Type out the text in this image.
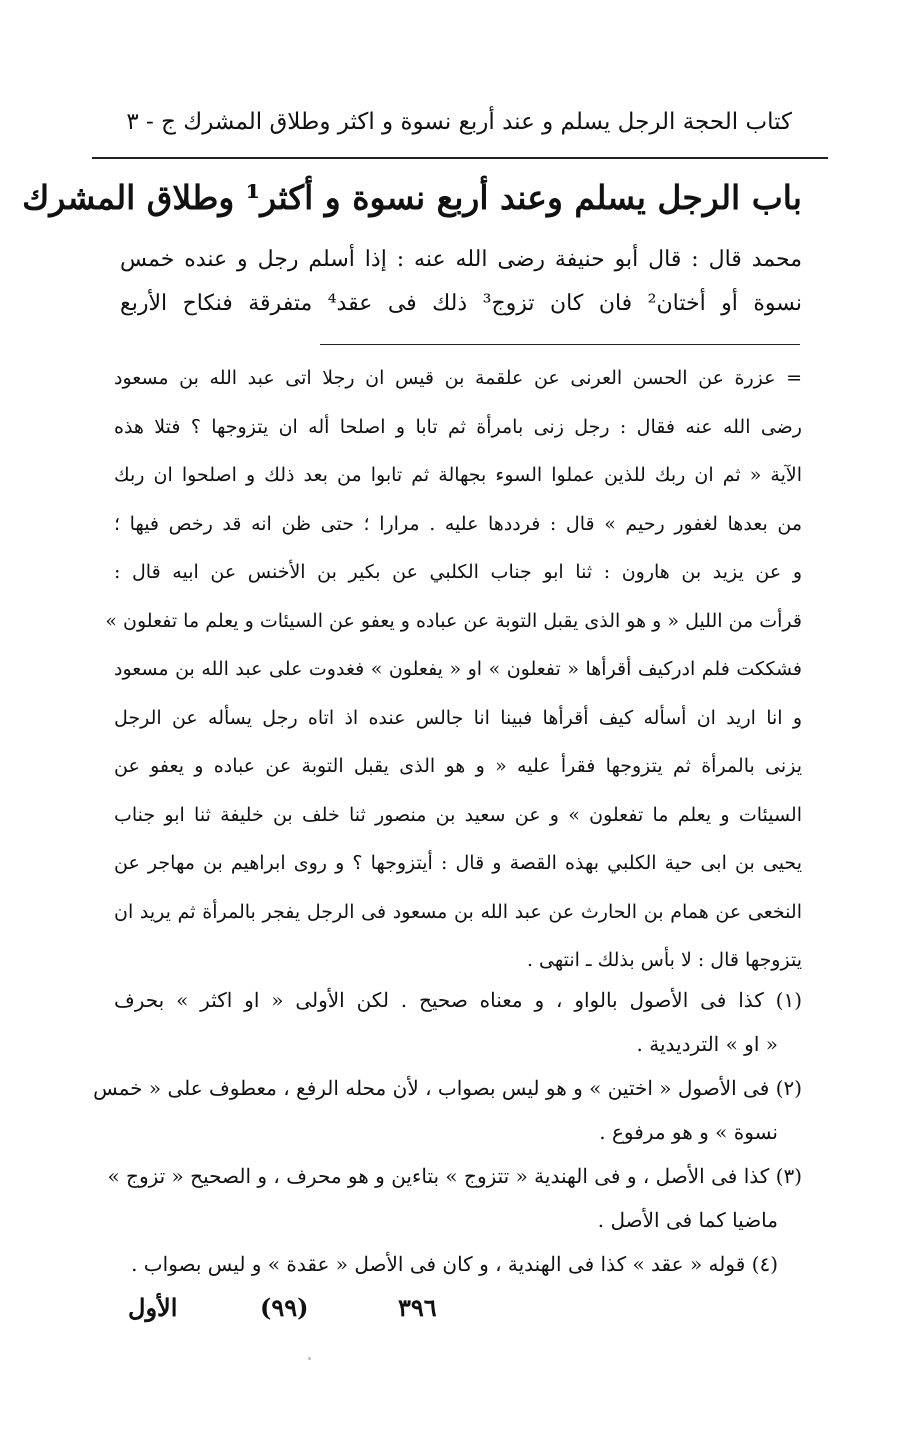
كتاب الحجة الرجل يسلم و عند أربع نسوة و اكثر وطلاق المشرك ج - ٣
باب الرجل يسلم وعند أربع نسوة و أكثر¹ وطلاق المشرك
محمد قال : قال أبو حنيفة رضى الله عنه : إذا أسلم رجل و عنده خمس
نسوة أو أختان² فان كان تزوج³ ذلك فى عقد⁴ متفرقة فنكاح الأربع
= عزرة عن الحسن العرنى عن علقمة بن قيس ان رجلا اتى عبد الله بن مسعود
رضى الله عنه فقال : رجل زنى بامرأة ثم تابا و اصلحا أله ان يتزوجها ؟ فتلا هذه
الآية « ثم ان ربك للذين عملوا السوء بجهالة ثم تابوا من بعد ذلك و اصلحوا ان ربك
من بعدها لغفور رحيم » قال : فرددها عليه . مرارا ؛ حتى ظن انه قد رخص فيها ؛
و عن يزيد بن هارون : ثنا ابو جناب الكلبي عن بكير بن الأخنس عن ابيه قال :
قرأت من الليل « و هو الذى يقبل التوبة عن عباده و يعفو عن السيئات و يعلم ما تفعلون »
فشككت فلم ادركيف أقرأها « تفعلون » او « يفعلون » فغدوت على عبد الله بن مسعود
و انا اريد ان أسأله كيف أقرأها فبينا انا جالس عنده اذ اتاه رجل يسأله عن الرجل
يزنى بالمرأة ثم يتزوجها فقرأ عليه « و هو الذى يقبل التوبة عن عباده و يعفو عن
السيئات و يعلم ما تفعلون » و عن سعيد بن منصور ثنا خلف بن خليفة ثنا ابو جناب
يحيى بن ابى حية الكلبي بهذه القصة و قال : أيتزوجها ؟ و روى ابراهيم بن مهاجر عن
النخعى عن همام بن الحارث عن عبد الله بن مسعود فى الرجل يفجر بالمرأة ثم يريد ان
يتزوجها قال : لا بأس بذلك ـ انتهى .
(١) كذا فى الأصول بالواو ، و معناه صحيح . لكن الأولى « او اكثر » بحرف
« او » الترديدية .
(٢) فى الأصول « اختين » و هو ليس بصواب ، لأن محله الرفع ، معطوف على « خمس
نسوة » و هو مرفوع .
(٣) كذا فى الأصل ، و فى الهندية « تتزوج » بتاءين و هو محرف ، و الصحيح « تزوج »
ماضيا كما فى الأصل .
(٤) قوله « عقد » كذا فى الهندية ، و كان فى الأصل « عقدة » و ليس بصواب .
الأول	(٩٩)	٣٩٦
